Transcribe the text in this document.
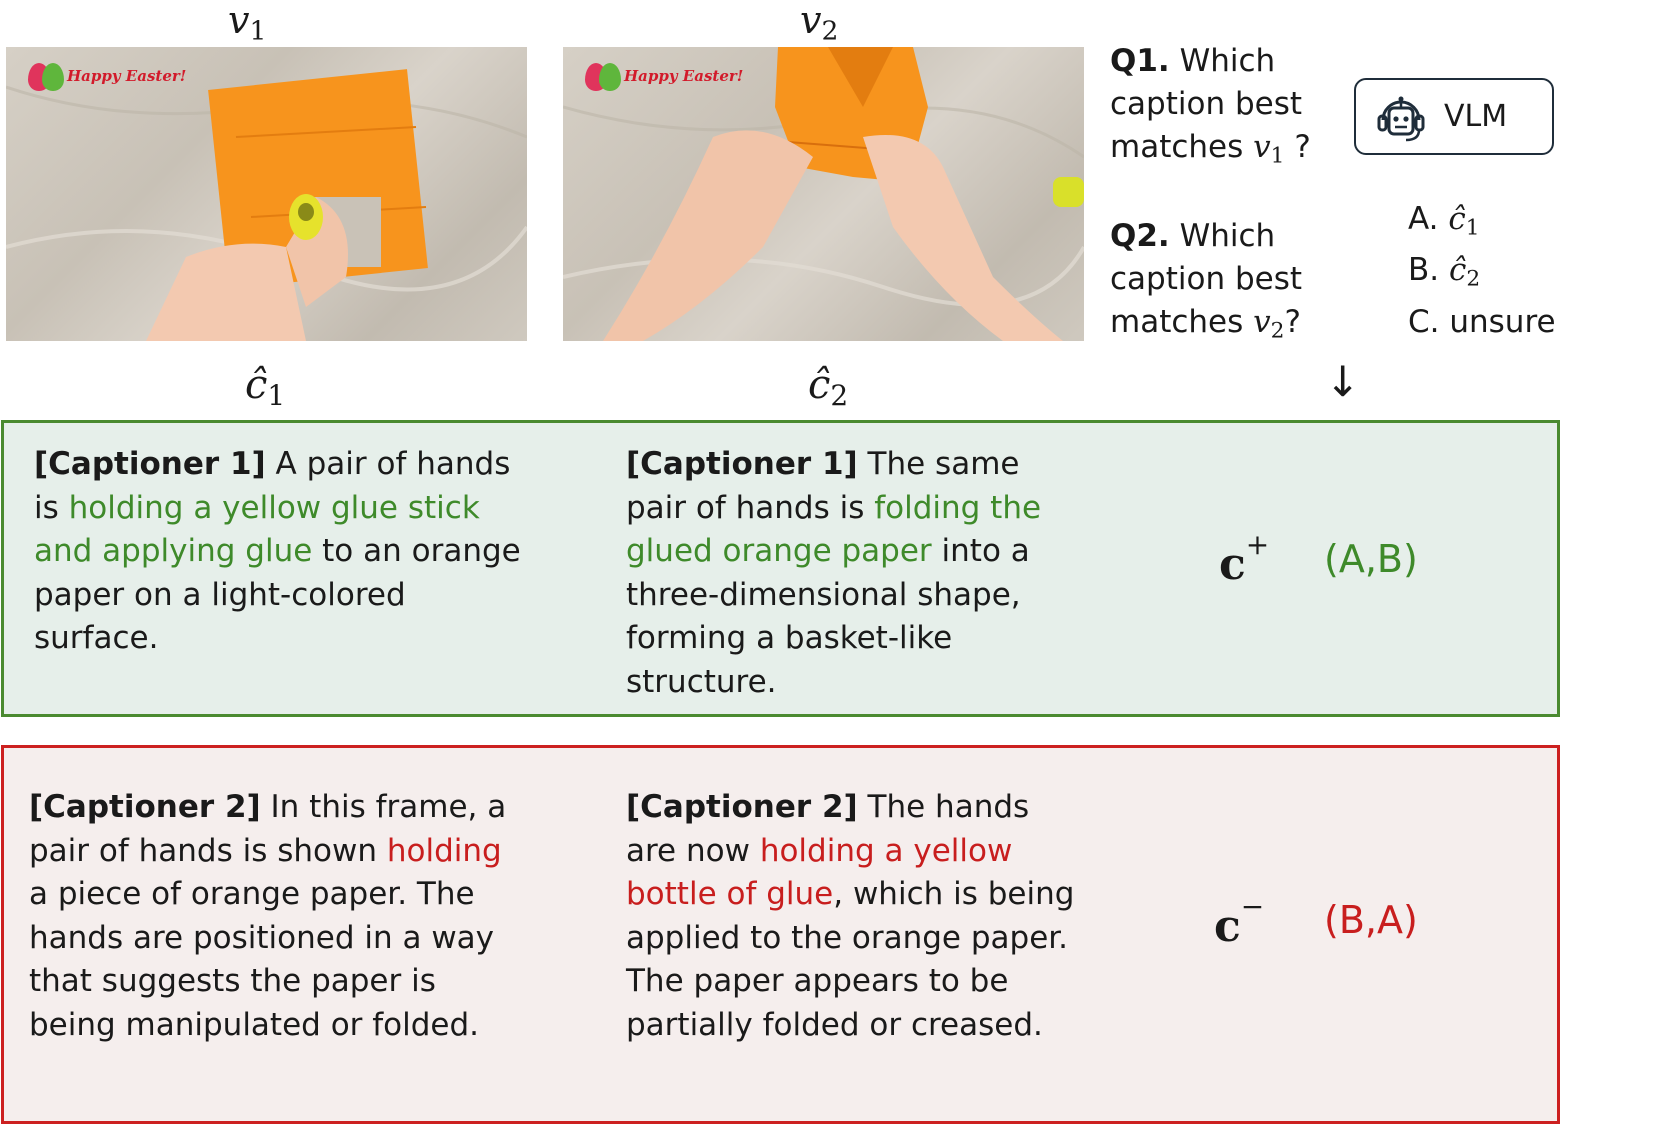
$v_1$	$v_2$
Happy Easter!	Happy Easter!	Q1. Which
caption best
matches $v_1$ ?
Q2. Which
caption best
matches $v_2$?
VLM
A. $ĉ_1$
B. $ĉ_2$
C. unsure
↓
$ĉ_1$	$ĉ_2$
[Captioner 1] A pair of hands is holding a yellow glue stick and applying glue to an orange paper on a light-colored surface.
[Captioner 1] The same pair of hands is folding the glued orange paper into a three-dimensional shape, forming a basket-like structure.
c+ (A,B)
[Captioner 2] In this frame, a pair of hands is shown holding a piece of orange paper. The hands are positioned in a way that suggests the paper is being manipulated or folded.
[Captioner 2] The hands are now holding a yellow bottle of glue, which is being applied to the orange paper. The paper appears to be partially folded or creased.
c− (B,A)
